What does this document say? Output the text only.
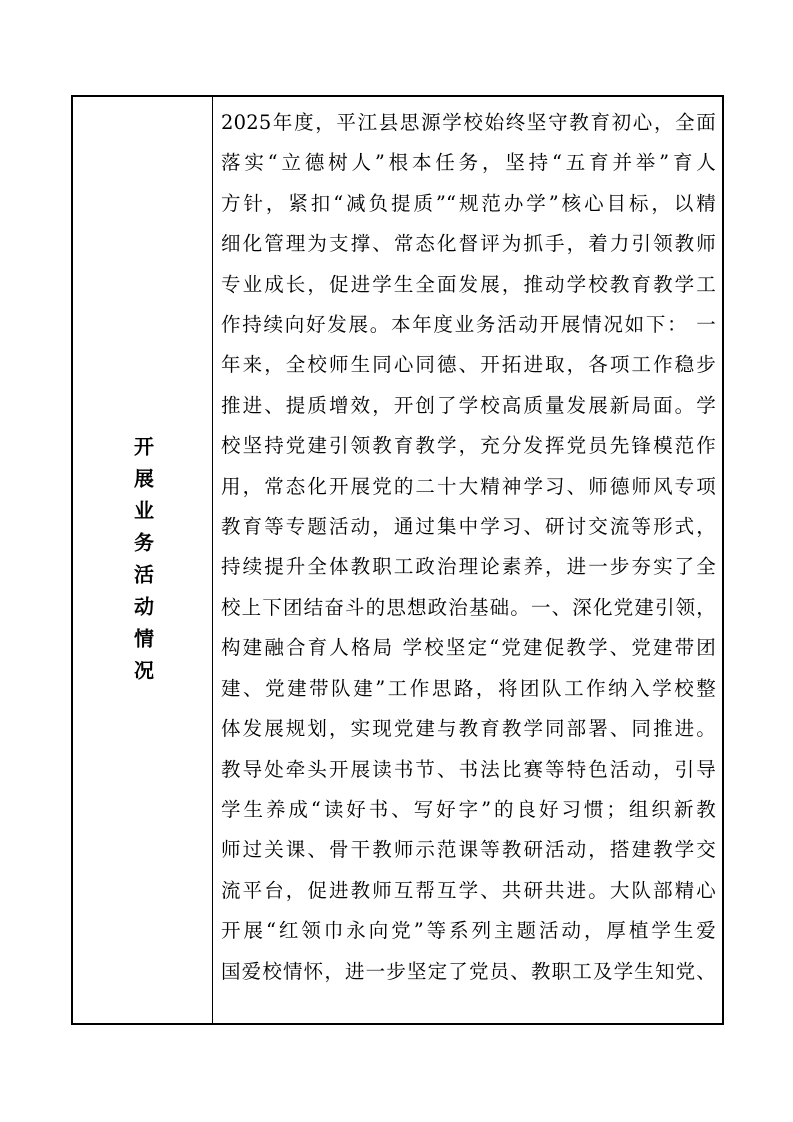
开展业务活动情况
2025年度，平江县思源学校始终坚守教育初心，全面
落实“立德树人”根本任务，坚持“五育并举”育人
方针，紧扣“减负提质”“规范办学”核心目标，以精
细化管理为支撑、常态化督评为抓手，着力引领教师
专业成长，促进学生全面发展，推动学校教育教学工
作持续向好发展。本年度业务活动开展情况如下： 一
年来，全校师生同心同德、开拓进取，各项工作稳步
推进、提质增效，开创了学校高质量发展新局面。学
校坚持党建引领教育教学，充分发挥党员先锋模范作
用，常态化开展党的二十大精神学习、师德师风专项
教育等专题活动，通过集中学习、研讨交流等形式，
持续提升全体教职工政治理论素养，进一步夯实了全
校上下团结奋斗的思想政治基础。一、深化党建引领，
构建融合育人格局 学校坚定“党建促教学、党建带团
建、党建带队建”工作思路，将团队工作纳入学校整
体发展规划，实现党建与教育教学同部署、同推进。
教导处牵头开展读书节、书法比赛等特色活动，引导
学生养成“读好书、写好字”的良好习惯；组织新教
师过关课、骨干教师示范课等教研活动，搭建教学交
流平台，促进教师互帮互学、共研共进。大队部精心
开展“红领巾永向党”等系列主题活动，厚植学生爱
国爱校情怀，进一步坚定了党员、教职工及学生知党、
